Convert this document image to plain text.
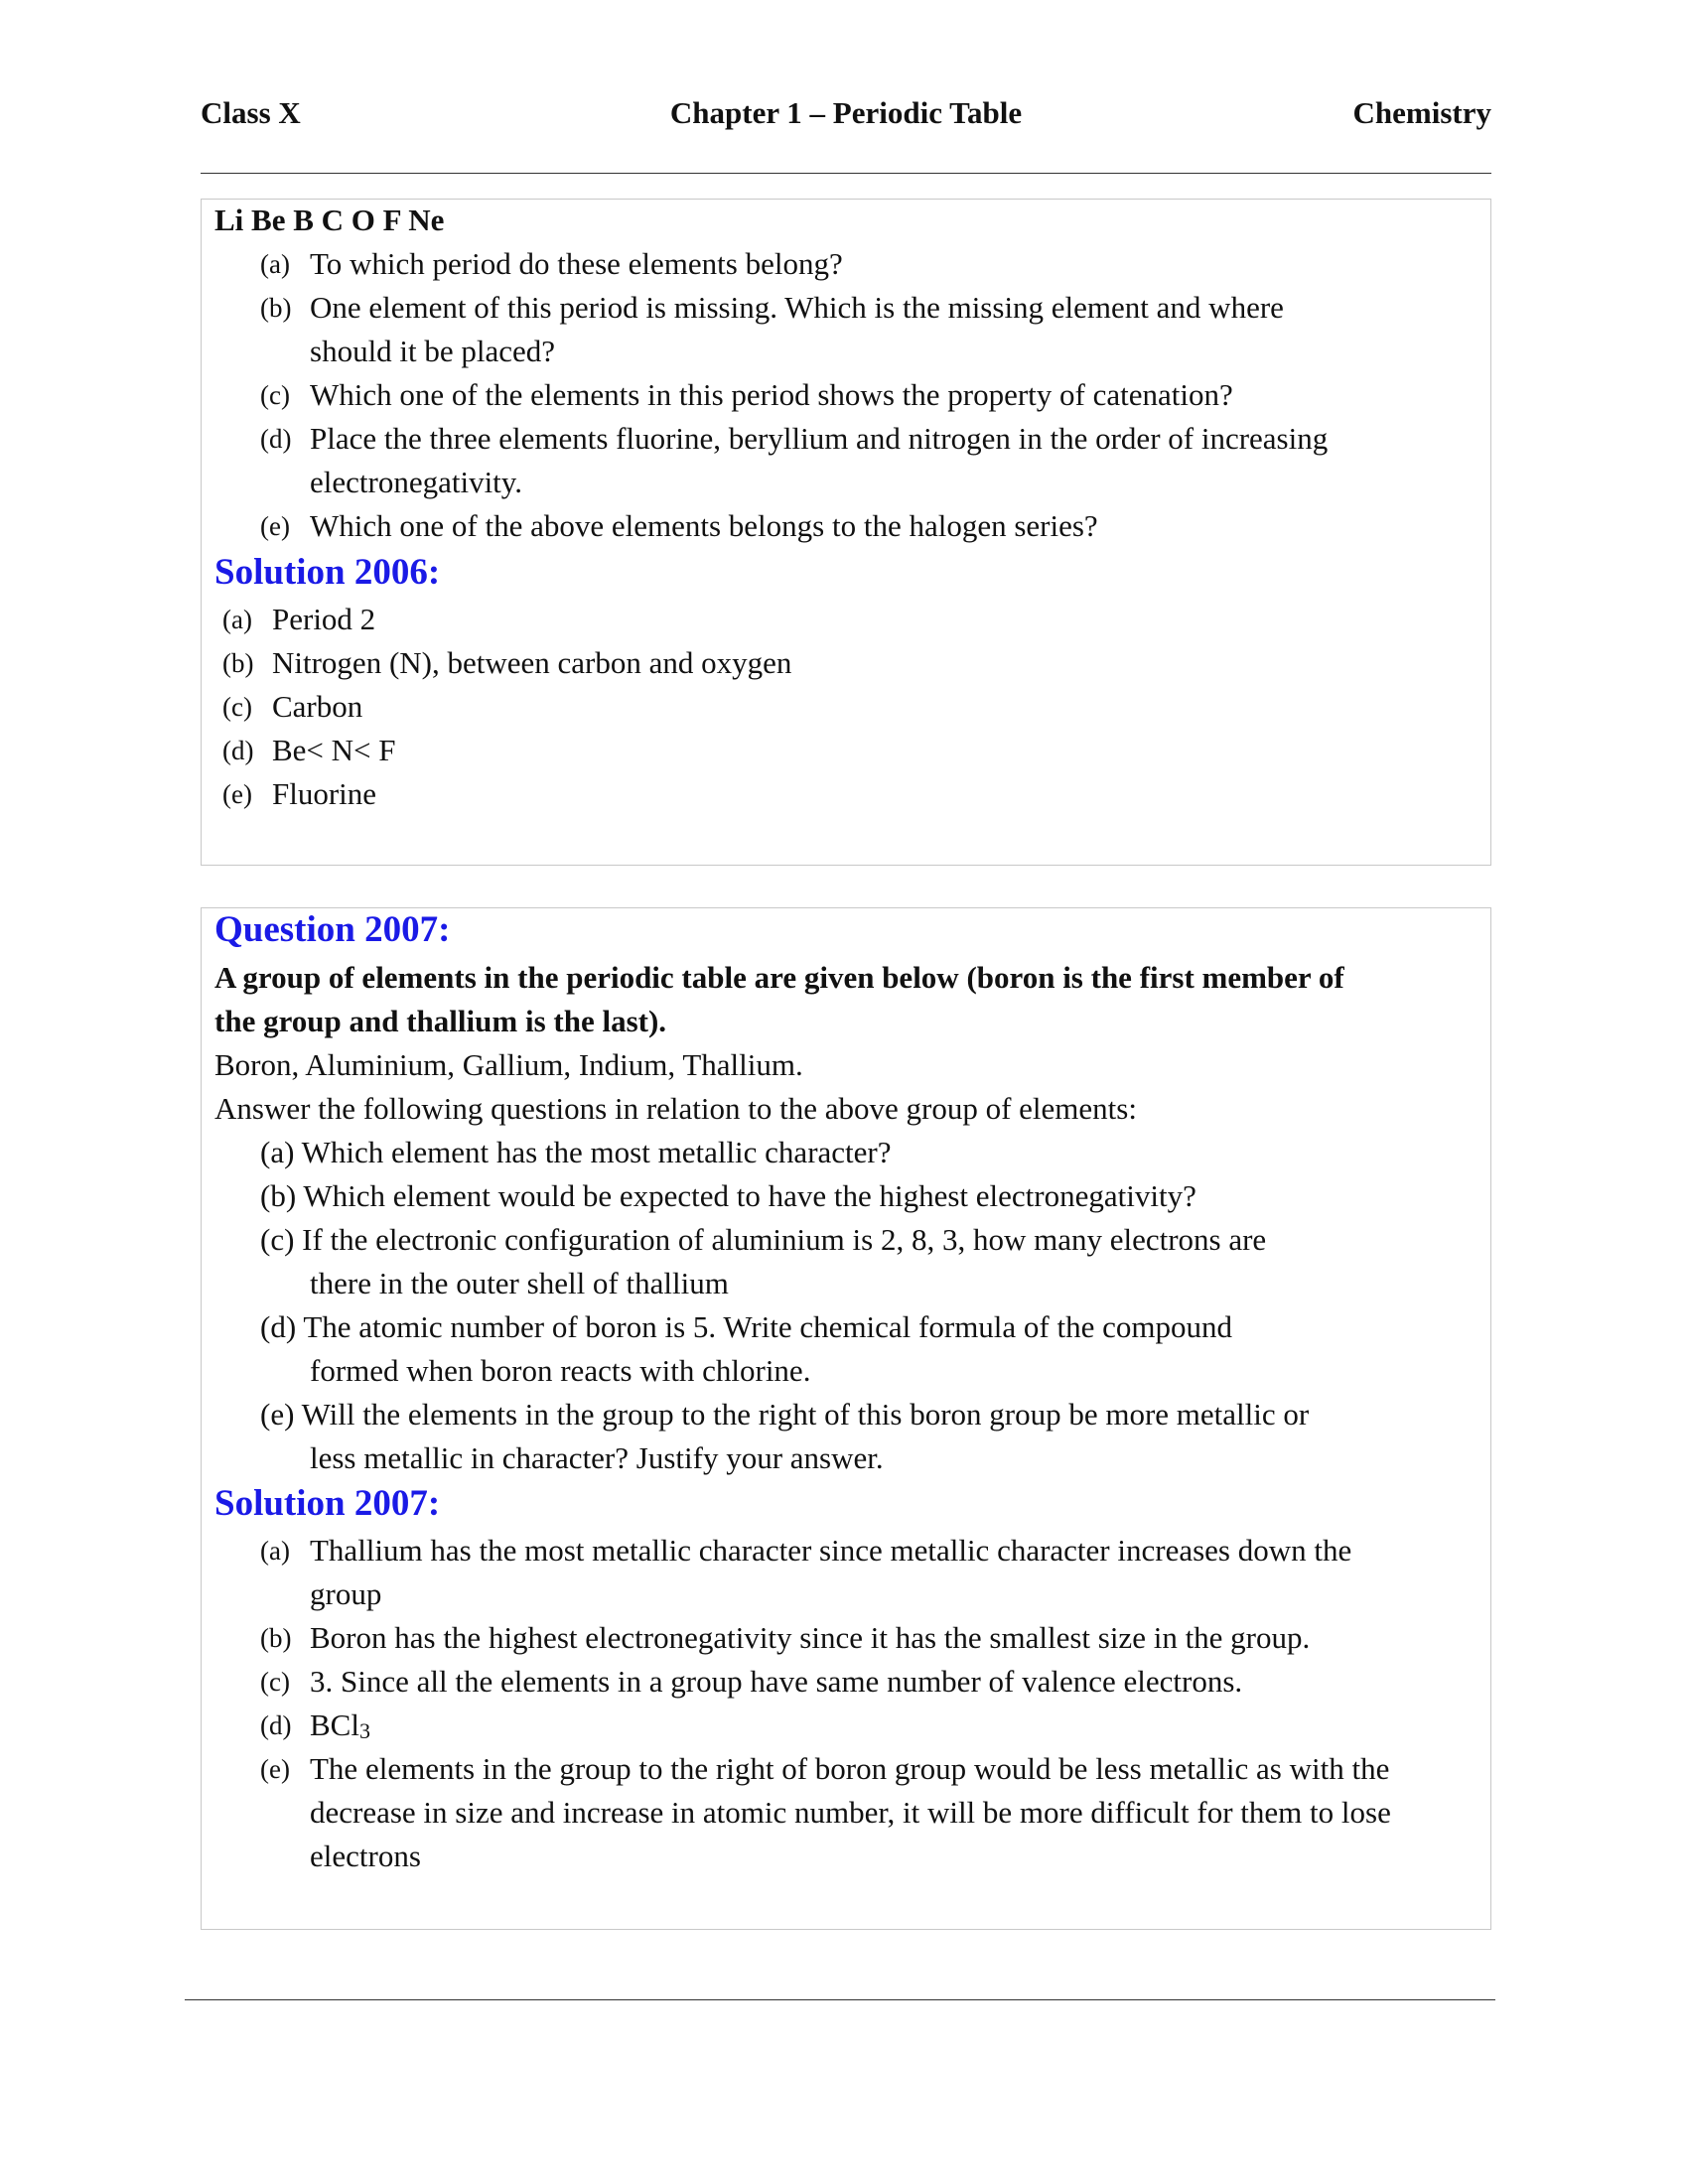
Class X	Chapter 1 – Periodic Table	Chemistry
Li Be B C O F Ne
(a) To which period do these elements belong?
(b) One element of this period is missing. Which is the missing element and where
should it be placed?
(c) Which one of the elements in this period shows the property of catenation?
(d) Place the three elements fluorine, beryllium and nitrogen in the order of increasing
electronegativity.
(e) Which one of the above elements belongs to the halogen series?
Solution 2006:
(a) Period 2
(b) Nitrogen (N), between carbon and oxygen
(c) Carbon
(d) Be< N< F
(e) Fluorine
Question 2007:
A group of elements in the periodic table are given below (boron is the first member of
the group and thallium is the last).
Boron, Aluminium, Gallium, Indium, Thallium.
Answer the following questions in relation to the above group of elements:
(a) Which element has the most metallic character?
(b) Which element would be expected to have the highest electronegativity?
(c) If the electronic configuration of aluminium is 2, 8, 3, how many electrons are
there in the outer shell of thallium
(d) The atomic number of boron is 5. Write chemical formula of the compound
formed when boron reacts with chlorine.
(e) Will the elements in the group to the right of this boron group be more metallic or
less metallic in character? Justify your answer.
Solution 2007:
(a) Thallium has the most metallic character since metallic character increases down the
group
(b) Boron has the highest electronegativity since it has the smallest size in the group.
(c) 3. Since all the elements in a group have same number of valence electrons.
(d) BCl$_3$
(e) The elements in the group to the right of boron group would be less metallic as with the
decrease in size and increase in atomic number, it will be more difficult for them to lose
electrons
